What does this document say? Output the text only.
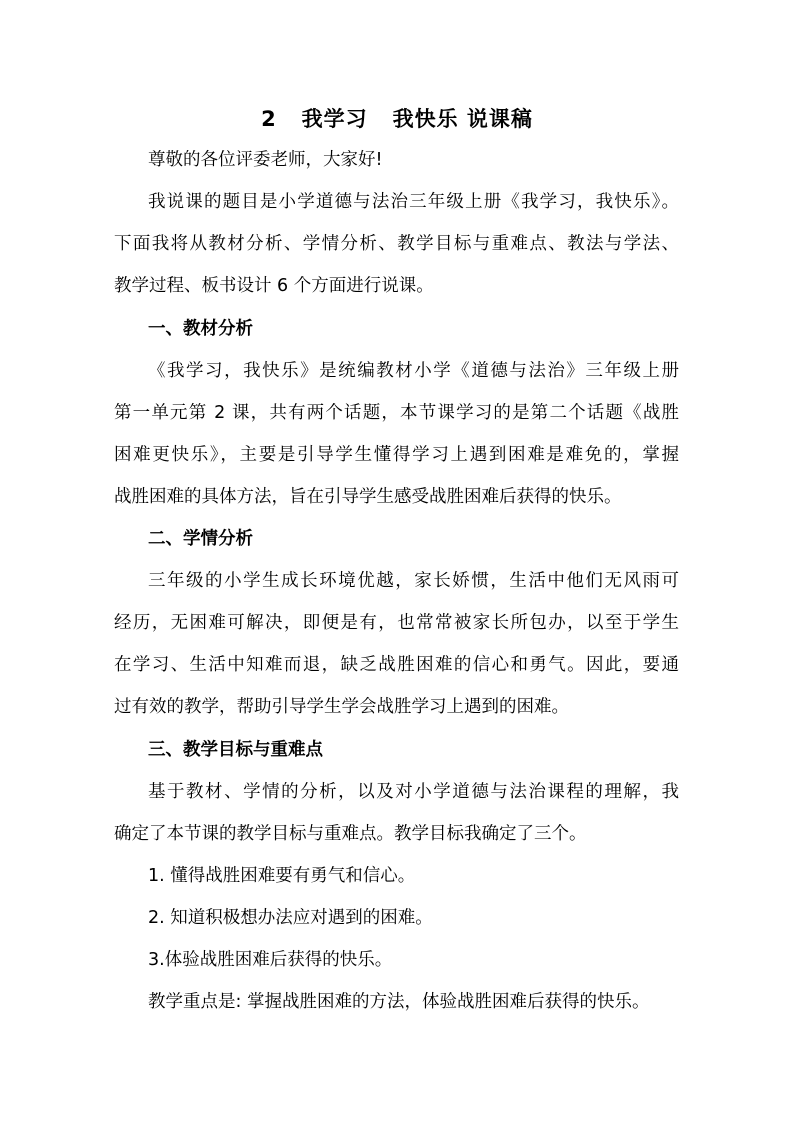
2   我学习   我快乐 说课稿
尊敬的各位评委老师，大家好!
我说课的题目是小学道德与法治三年级上册《我学习，我快乐》。
下面我将从教材分析、学情分析、教学目标与重难点、教法与学法、
教学过程、板书设计 6 个方面进行说课。
一、教材分析
《我学习，我快乐》是统编教材小学《道德与法治》三年级上册
第一单元第 2 课，共有两个话题，本节课学习的是第二个话题《战胜
困难更快乐》，主要是引导学生懂得学习上遇到困难是难免的，掌握
战胜困难的具体方法，旨在引导学生感受战胜困难后获得的快乐。
二、学情分析
三年级的小学生成长环境优越，家长娇惯，生活中他们无风雨可
经历，无困难可解决，即便是有，也常常被家长所包办，以至于学生
在学习、生活中知难而退，缺乏战胜困难的信心和勇气。因此，要通
过有效的教学，帮助引导学生学会战胜学习上遇到的困难。
三、教学目标与重难点
基于教材、学情的分析，以及对小学道德与法治课程的理解，我
确定了本节课的教学目标与重难点。教学目标我确定了三个。
1. 懂得战胜困难要有勇气和信心。
2. 知道积极想办法应对遇到的困难。
3.体验战胜困难后获得的快乐。
教学重点是: 掌握战胜困难的方法，体验战胜困难后获得的快乐。
